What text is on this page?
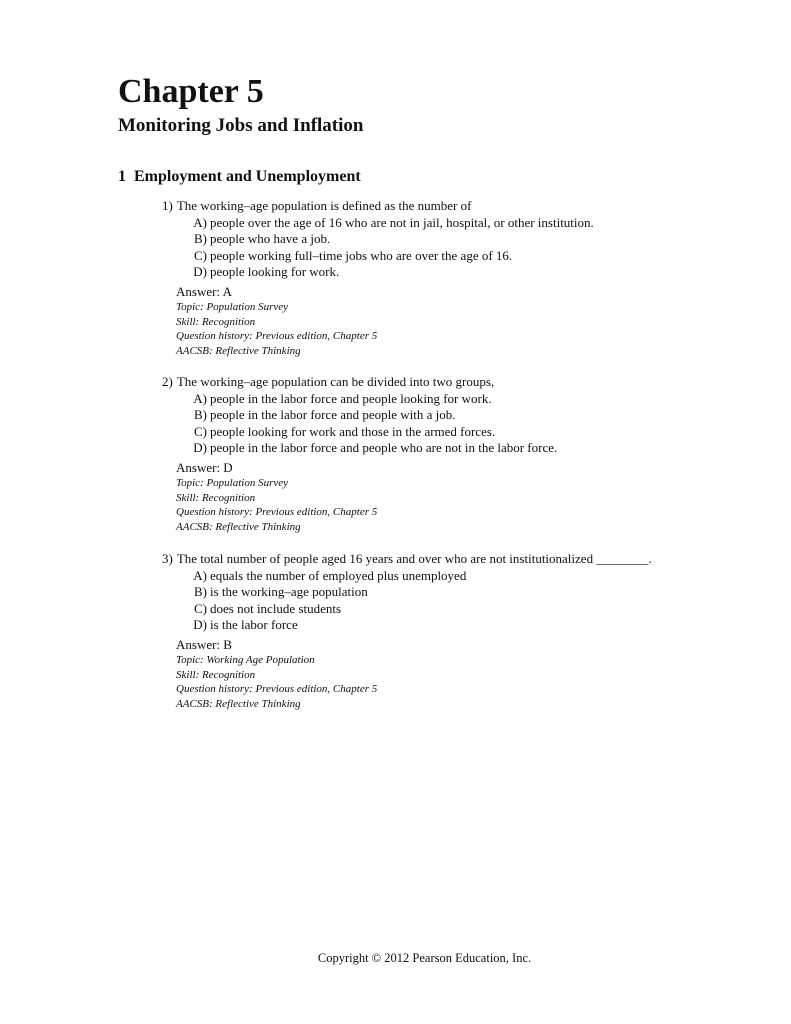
Chapter 5
Monitoring Jobs and Inflation
1 Employment and Unemployment
1) The working–age population is defined as the number of
A) people over the age of 16 who are not in jail, hospital, or other institution.
B) people who have a job.
C) people working full–time jobs who are over the age of 16.
D) people looking for work.
Answer: A
Topic: Population Survey
Skill: Recognition
Question history: Previous edition, Chapter 5
AACSB: Reflective Thinking
2) The working–age population can be divided into two groups,
A) people in the labor force and people looking for work.
B) people in the labor force and people with a job.
C) people looking for work and those in the armed forces.
D) people in the labor force and people who are not in the labor force.
Answer: D
Topic: Population Survey
Skill: Recognition
Question history: Previous edition, Chapter 5
AACSB: Reflective Thinking
3) The total number of people aged 16 years and over who are not institutionalized ________.
A) equals the number of employed plus unemployed
B) is the working–age population
C) does not include students
D) is the labor force
Answer: B
Topic: Working Age Population
Skill: Recognition
Question history: Previous edition, Chapter 5
AACSB: Reflective Thinking
Copyright © 2012 Pearson Education, Inc.
